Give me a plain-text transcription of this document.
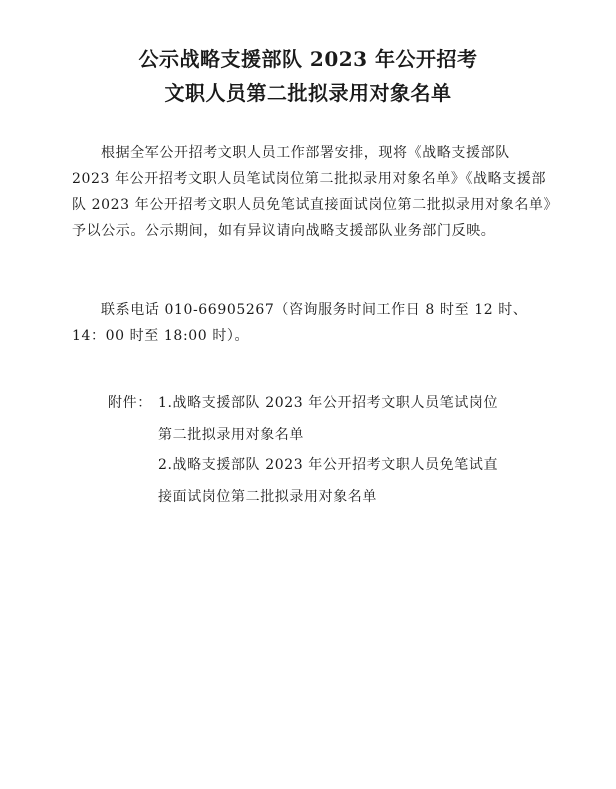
公示战略支援部队 2023 年公开招考
文职人员第二批拟录用对象名单
根据全军公开招考文职人员工作部署安排，现将《战略支援部队 2023 年公开招考文职人员笔试岗位第二批拟录用对象名单》《战略支援部队 2023 年公开招考文职人员免笔试直接面试岗位第二批拟录用对象名单》予以公示。公示期间，如有异议请向战略支援部队业务部门反映。
联系电话 010-66905267（咨询服务时间工作日 8 时至 12 时、14：00 时至 18:00 时）。
附件： 1.战略支援部队 2023 年公开招考文职人员笔试岗位
第二批拟录用对象名单
2.战略支援部队 2023 年公开招考文职人员免笔试直
接面试岗位第二批拟录用对象名单
